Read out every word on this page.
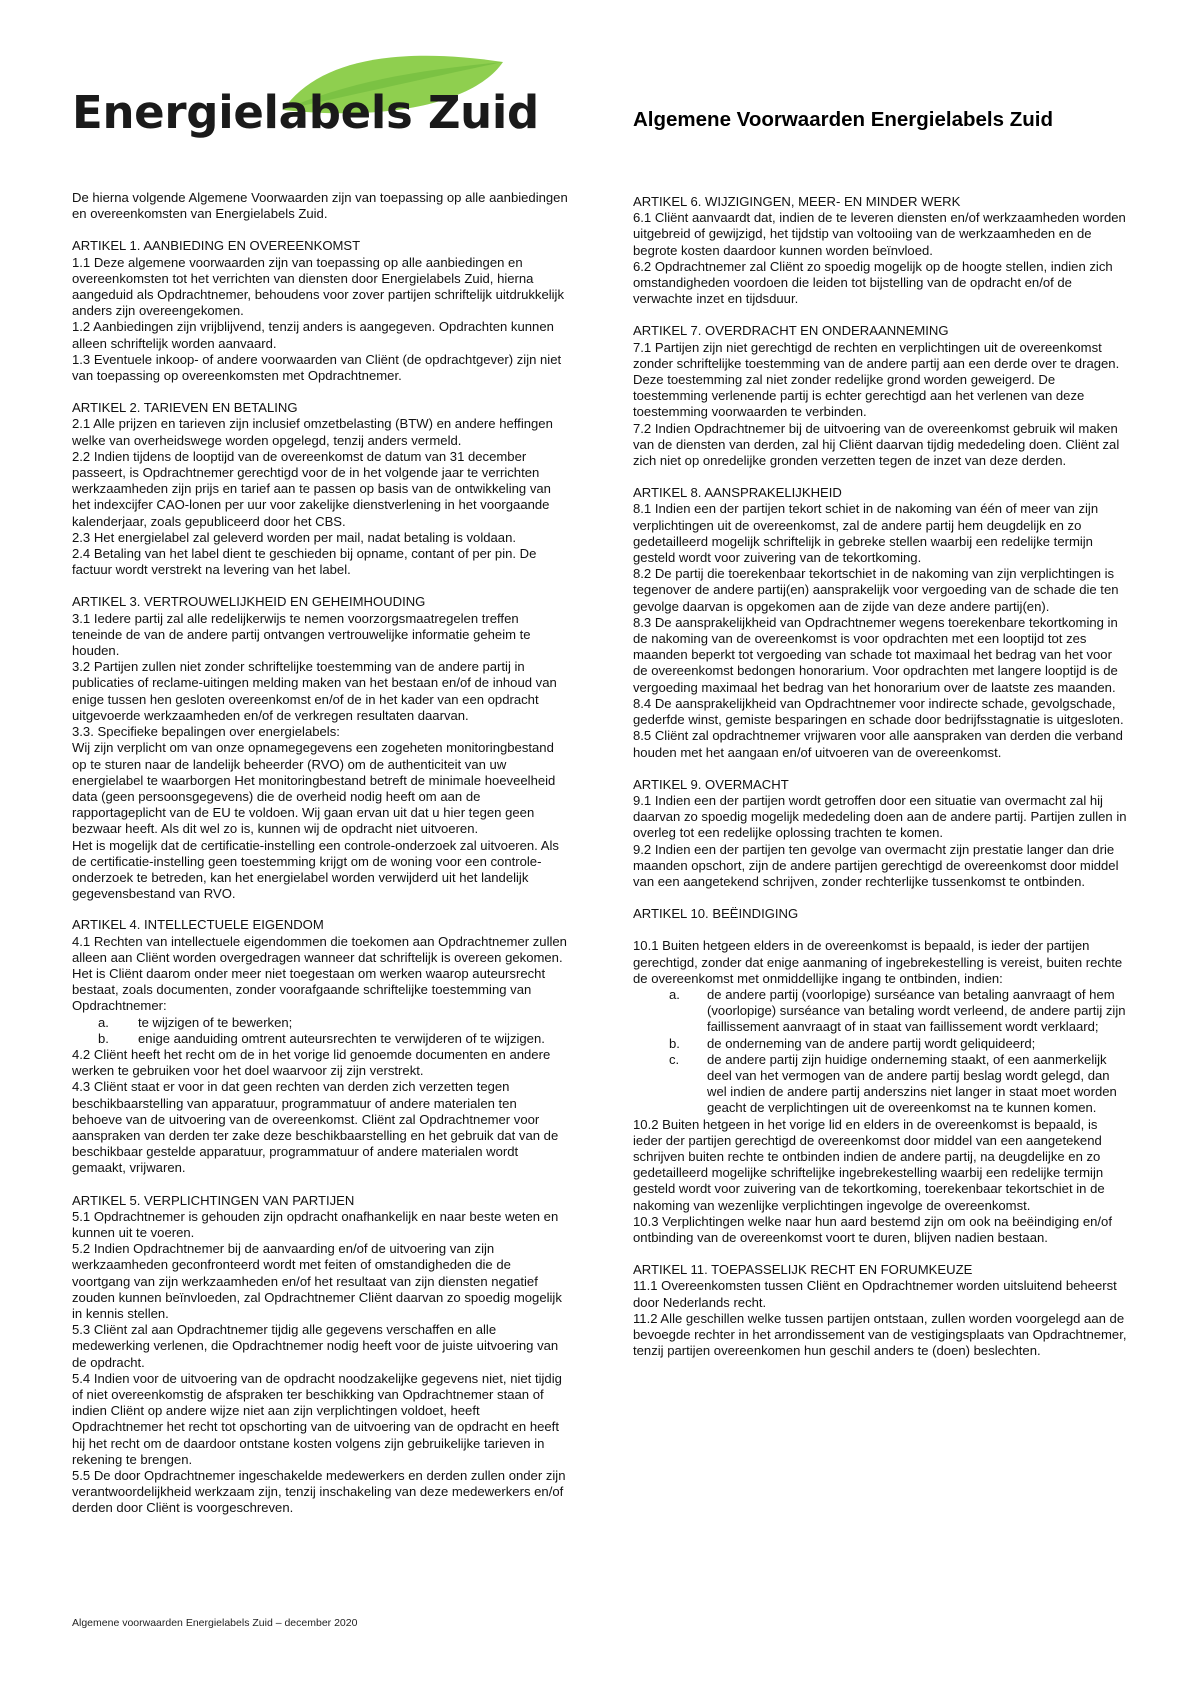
Energielabels Zuid	Algemene Voorwaarden Energielabels Zuid

De hierna volgende Algemene Voorwaarden zijn van toepassing op alle aanbiedingen en overeenkomsten van Energielabels Zuid.

ARTIKEL 1. AANBIEDING EN OVEREENKOMST

1.1 Deze algemene voorwaarden zijn van toepassing op alle aanbiedingen en overeenkomsten tot het verrichten van diensten door Energielabels Zuid, hierna aangeduid als Opdrachtnemer, behoudens voor zover partijen schriftelijk uitdrukkelijk anders zijn overeengekomen.

1.2 Aanbiedingen zijn vrijblijvend, tenzij anders is aangegeven. Opdrachten kunnen alleen schriftelijk worden aanvaard.

1.3 Eventuele inkoop- of andere voorwaarden van Cliënt (de opdrachtgever) zijn niet van toepassing op overeenkomsten met Opdrachtnemer.

ARTIKEL 2. TARIEVEN EN BETALING

2.1 Alle prijzen en tarieven zijn inclusief omzetbelasting (BTW) en andere heffingen welke van overheidswege worden opgelegd, tenzij anders vermeld.

2.2 Indien tijdens de looptijd van de overeenkomst de datum van 31 december passeert, is Opdrachtnemer gerechtigd voor de in het volgende jaar te verrichten werkzaamheden zijn prijs en tarief aan te passen op basis van de ontwikkeling van het indexcijfer CAO-lonen per uur voor zakelijke dienstverlening in het voorgaande kalenderjaar, zoals gepubliceerd door het CBS.

2.3 Het energielabel zal geleverd worden per mail, nadat betaling is voldaan.

2.4 Betaling van het label dient te geschieden bij opname, contant of per pin. De factuur wordt verstrekt na levering van het label.

ARTIKEL 3. VERTROUWELIJKHEID EN GEHEIMHOUDING

3.1 Iedere partij zal alle redelijkerwijs te nemen voorzorgsmaatregelen treffen teneinde de van de andere partij ontvangen vertrouwelijke informatie geheim te houden.

3.2 Partijen zullen niet zonder schriftelijke toestemming van de andere partij in publicaties of reclame-uitingen melding maken van het bestaan en/of de inhoud van enige tussen hen gesloten overeenkomst en/of de in het kader van een opdracht uitgevoerde werkzaamheden en/of de verkregen resultaten daarvan.

3.3. Specifieke bepalingen over energielabels:

Wij zijn verplicht om van onze opnamegegevens een zogeheten monitoringbestand op te sturen naar de landelijk beheerder (RVO) om de authenticiteit van uw energielabel te waarborgen Het monitoringbestand betreft de minimale hoeveelheid data (geen persoonsgegevens) die de overheid nodig heeft om aan de rapportageplicht van de EU te voldoen. Wij gaan ervan uit dat u hier tegen geen bezwaar heeft. Als dit wel zo is, kunnen wij de opdracht niet uitvoeren.

Het is mogelijk dat de certificatie-instelling een controle-onderzoek zal uitvoeren. Als de certificatie-instelling geen toestemming krijgt om de woning voor een controle-onderzoek te betreden, kan het energielabel worden verwijderd uit het landelijk gegevensbestand van RVO.

ARTIKEL 4. INTELLECTUELE EIGENDOM

4.1 Rechten van intellectuele eigendommen die toekomen aan Opdrachtnemer zullen alleen aan Cliënt worden overgedragen wanneer dat schriftelijk is overeen gekomen. Het is Cliënt daarom onder meer niet toegestaan om werken waarop auteursrecht bestaat, zoals documenten, zonder voorafgaande schriftelijke toestemming van Opdrachtnemer:

a.	te wijzigen of te bewerken;
b.	enige aanduiding omtrent auteursrechten te verwijderen of te wijzigen.

4.2 Cliënt heeft het recht om de in het vorige lid genoemde documenten en andere werken te gebruiken voor het doel waarvoor zij zijn verstrekt.

4.3 Cliënt staat er voor in dat geen rechten van derden zich verzetten tegen beschikbaarstelling van apparatuur, programmatuur of andere materialen ten behoeve van de uitvoering van de overeenkomst. Cliënt zal Opdrachtnemer voor aanspraken van derden ter zake deze beschikbaarstelling en het gebruik dat van de beschikbaar gestelde apparatuur, programmatuur of andere materialen wordt gemaakt, vrijwaren.

ARTIKEL 5. VERPLICHTINGEN VAN PARTIJEN

5.1 Opdrachtnemer is gehouden zijn opdracht onafhankelijk en naar beste weten en kunnen uit te voeren.

5.2 Indien Opdrachtnemer bij de aanvaarding en/of de uitvoering van zijn werkzaamheden geconfronteerd wordt met feiten of omstandigheden die de voortgang van zijn werkzaamheden en/of het resultaat van zijn diensten negatief zouden kunnen beïnvloeden, zal Opdrachtnemer Cliënt daarvan zo spoedig mogelijk in kennis stellen.

5.3 Cliënt zal aan Opdrachtnemer tijdig alle gegevens verschaffen en alle medewerking verlenen, die Opdrachtnemer nodig heeft voor de juiste uitvoering van de opdracht.

5.4 Indien voor de uitvoering van de opdracht noodzakelijke gegevens niet, niet tijdig of niet overeenkomstig de afspraken ter beschikking van Opdrachtnemer staan of indien Cliënt op andere wijze niet aan zijn verplichtingen voldoet, heeft Opdrachtnemer het recht tot opschorting van de uitvoering van de opdracht en heeft hij het recht om de daardoor ontstane kosten volgens zijn gebruikelijke tarieven in rekening te brengen.

5.5 De door Opdrachtnemer ingeschakelde medewerkers en derden zullen onder zijn verantwoordelijkheid werkzaam zijn, tenzij inschakeling van deze medewerkers en/of derden door Cliënt is voorgeschreven.

ARTIKEL 6. WIJZIGINGEN, MEER- EN MINDER WERK

6.1 Cliënt aanvaardt dat, indien de te leveren diensten en/of werkzaamheden worden uitgebreid of gewijzigd, het tijdstip van voltooiing van de werkzaamheden en de begrote kosten daardoor kunnen worden beïnvloed.

6.2 Opdrachtnemer zal Cliënt zo spoedig mogelijk op de hoogte stellen, indien zich omstandigheden voordoen die leiden tot bijstelling van de opdracht en/of de verwachte inzet en tijdsduur.

ARTIKEL 7. OVERDRACHT EN ONDERAANNEMING

7.1 Partijen zijn niet gerechtigd de rechten en verplichtingen uit de overeenkomst zonder schriftelijke toestemming van de andere partij aan een derde over te dragen. Deze toestemming zal niet zonder redelijke grond worden geweigerd. De toestemming verlenende partij is echter gerechtigd aan het verlenen van deze toestemming voorwaarden te verbinden.

7.2 Indien Opdrachtnemer bij de uitvoering van de overeenkomst gebruik wil maken van de diensten van derden, zal hij Cliënt daarvan tijdig mededeling doen. Cliënt zal zich niet op onredelijke gronden verzetten tegen de inzet van deze derden.

ARTIKEL 8. AANSPRAKELIJKHEID

8.1 Indien een der partijen tekort schiet in de nakoming van één of meer van zijn verplichtingen uit de overeenkomst, zal de andere partij hem deugdelijk en zo gedetailleerd mogelijk schriftelijk in gebreke stellen waarbij een redelijke termijn gesteld wordt voor zuivering van de tekortkoming.

8.2 De partij die toerekenbaar tekortschiet in de nakoming van zijn verplichtingen is tegenover de andere partij(en) aansprakelijk voor vergoeding van de schade die ten gevolge daarvan is opgekomen aan de zijde van deze andere partij(en).

8.3 De aansprakelijkheid van Opdrachtnemer wegens toerekenbare tekortkoming in de nakoming van de overeenkomst is voor opdrachten met een looptijd tot zes maanden beperkt tot vergoeding van schade tot maximaal het bedrag van het voor de overeenkomst bedongen honorarium. Voor opdrachten met langere looptijd is de vergoeding maximaal het bedrag van het honorarium over de laatste zes maanden.

8.4 De aansprakelijkheid van Opdrachtnemer voor indirecte schade, gevolgschade, gederfde winst, gemiste besparingen en schade door bedrijfsstagnatie is uitgesloten.

8.5 Cliënt zal opdrachtnemer vrijwaren voor alle aanspraken van derden die verband houden met het aangaan en/of uitvoeren van de overeenkomst.

ARTIKEL 9. OVERMACHT

9.1 Indien een der partijen wordt getroffen door een situatie van overmacht zal hij daarvan zo spoedig mogelijk mededeling doen aan de andere partij. Partijen zullen in overleg tot een redelijke oplossing trachten te komen.

9.2 Indien een der partijen ten gevolge van overmacht zijn prestatie langer dan drie maanden opschort, zijn de andere partijen gerechtigd de overeenkomst door middel van een aangetekend schrijven, zonder rechterlijke tussenkomst te ontbinden.

ARTIKEL 10. BEËINDIGING

10.1 Buiten hetgeen elders in de overeenkomst is bepaald, is ieder der partijen gerechtigd, zonder dat enige aanmaning of ingebrekestelling is vereist, buiten rechte de overeenkomst met onmiddellijke ingang te ontbinden, indien:

a.	de andere partij (voorlopige) surséance van betaling aanvraagt of hem (voorlopige) surséance van betaling wordt verleend, de andere partij zijn faillissement aanvraagt of in staat van faillissement wordt verklaard;
b.	de onderneming van de andere partij wordt geliquideerd;
c.	de andere partij zijn huidige onderneming staakt, of een aanmerkelijk deel van het vermogen van de andere partij beslag wordt gelegd, dan wel indien de andere partij anderszins niet langer in staat moet worden geacht de verplichtingen uit de overeenkomst na te kunnen komen.

10.2 Buiten hetgeen in het vorige lid en elders in de overeenkomst is bepaald, is ieder der partijen gerechtigd de overeenkomst door middel van een aangetekend schrijven buiten rechte te ontbinden indien de andere partij, na deugdelijke en zo gedetailleerd mogelijke schriftelijke ingebrekestelling waarbij een redelijke termijn gesteld wordt voor zuivering van de tekortkoming, toerekenbaar tekortschiet in de nakoming van wezenlijke verplichtingen ingevolge de overeenkomst.

10.3 Verplichtingen welke naar hun aard bestemd zijn om ook na beëindiging en/of ontbinding van de overeenkomst voort te duren, blijven nadien bestaan.

ARTIKEL 11. TOEPASSELIJK RECHT EN FORUMKEUZE

11.1 Overeenkomsten tussen Cliënt en Opdrachtnemer worden uitsluitend beheerst door Nederlands recht.

11.2 Alle geschillen welke tussen partijen ontstaan, zullen worden voorgelegd aan de bevoegde rechter in het arrondissement van de vestigingsplaats van Opdrachtnemer, tenzij partijen overeenkomen hun geschil anders te (doen) beslechten.

Algemene voorwaarden Energielabels Zuid – december 2020
